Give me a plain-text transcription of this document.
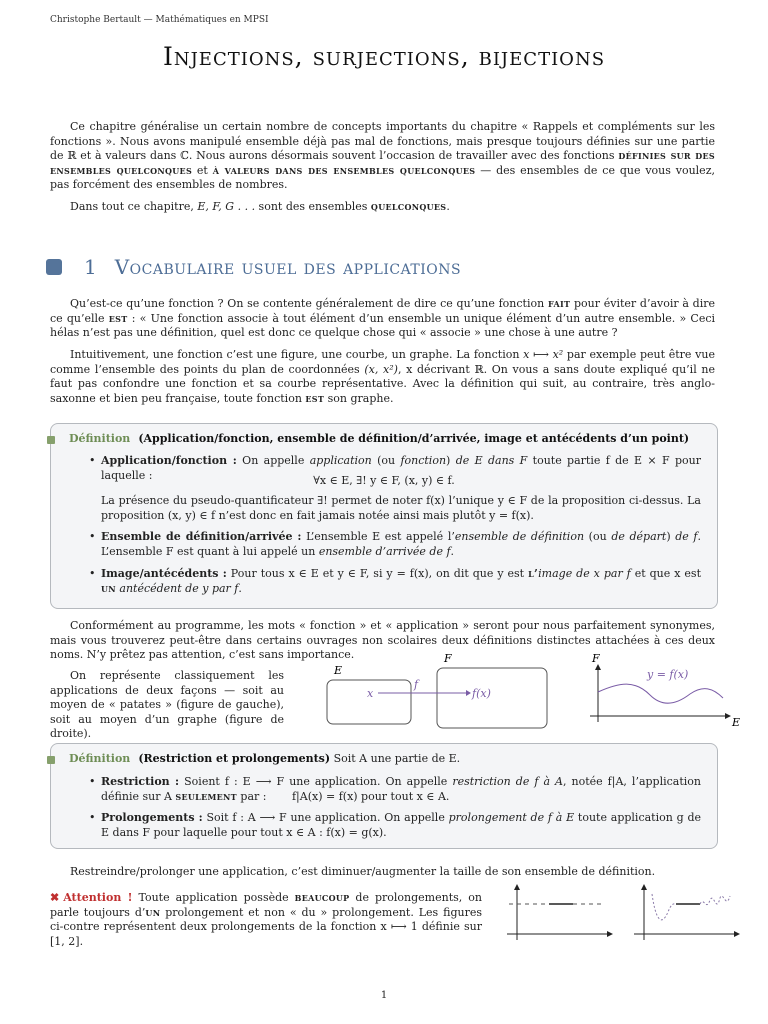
Christophe Bertault — Mathématiques en MPSI
Injections, surjections, bijections
Ce chapitre généralise un certain nombre de concepts importants du chapitre « Rappels et compléments sur les fonctions ». Nous avons manipulé ensemble déjà pas mal de fonctions, mais presque toujours définies sur une partie de ℝ et à valeurs dans ℂ. Nous aurons désormais souvent l’occasion de travailler avec des fonctions définies sur des ensembles quelconques et à valeurs dans des ensembles quelconques — des ensembles de ce que vous voulez, pas forcément des ensembles de nombres.
Dans tout ce chapitre, E, F, G . . . sont des ensembles quelconques.
1 Vocabulaire usuel des applications
Qu’est-ce qu’une fonction ? On se contente généralement de dire ce qu’une fonction fait pour éviter d’avoir à dire ce qu’elle est : « Une fonction associe à tout élément d’un ensemble un unique élément d’un autre ensemble. » Ceci hélas n’est pas une définition, quel est donc ce quelque chose qui « associe » une chose à une autre ?
Intuitivement, une fonction c’est une figure, une courbe, un graphe. La fonction x ⟼ x² par exemple peut être vue comme l’ensemble des points du plan de coordonnées (x, x²), x décrivant ℝ. On vous a sans doute expliqué qu’il ne faut pas confondre une fonction et sa courbe représentative. Avec la définition qui suit, au contraire, très anglo-saxonne et bien peu française, toute fonction est son graphe.
Définition (Application/fonction, ensemble de définition/d’arrivée, image et antécédents d’un point)
• Application/fonction : On appelle application (ou fonction) de E dans F toute partie f de E × F pour laquelle :	∀x ∈ E, ∃! y ∈ F, (x, y) ∈ f.
La présence du pseudo-quantificateur ∃! permet de noter f(x) l’unique y ∈ F de la proposition ci-dessus. La proposition (x, y) ∈ f n’est donc en fait jamais notée ainsi mais plutôt y = f(x).
• Ensemble de définition/arrivée : L’ensemble E est appelé l’ensemble de définition (ou de départ) de f. L’ensemble F est quant à lui appelé un ensemble d’arrivée de f.
• Image/antécédents : Pour tous x ∈ E et y ∈ F, si y = f(x), on dit que y est l’image de x par f et que x est un antécédent de y par f.
Conformément au programme, les mots « fonction » et « application » seront pour nous parfaitement synonymes, mais vous trouverez peut-être dans certains ouvrages non scolaires deux définitions distinctes attachées à ces deux noms. N’y prêtez pas attention, c’est sans importance.
On représente classiquement les applications de deux façons — soit au moyen de « patates » (figure de gauche), soit au moyen d’un graphe (figure de droite).
E
F
x
f
f(x)
F
E
y = f(x)
Définition (Restriction et prolongements) Soit A une partie de E.
• Restriction : Soient f : E ⟶ F une application. On appelle restriction de f à A, notée f|A, l’application définie sur A seulement par : f|A(x) = f(x) pour tout x ∈ A.
• Prolongements : Soit f : A ⟶ F une application. On appelle prolongement de f à E toute application g de E dans F pour laquelle pour tout x ∈ A : f(x) = g(x).
Restreindre/prolonger une application, c’est diminuer/augmenter la taille de son ensemble de définition.
✖ Attention ! Toute application possède beaucoup de prolongements, on parle toujours d’un prolongement et non « du » prolongement. Les figures ci-contre représentent deux prolongements de la fonction x ⟼ 1 définie sur [1, 2].
1
